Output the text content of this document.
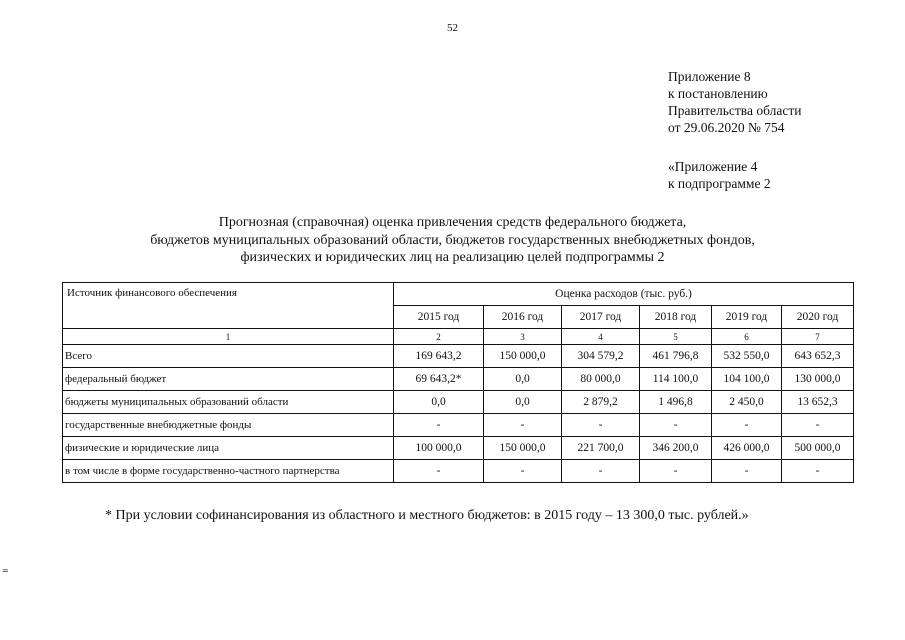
52
Приложение 8
к постановлению
Правительства области
от 29.06.2020 № 754
«Приложение 4
к подпрограмме 2
Прогнозная (справочная) оценка привлечения средств федерального бюджета,
бюджетов муниципальных образований области, бюджетов государственных внебюджетных фондов,
физических и юридических лиц на реализацию целей подпрограммы 2
Источник финансового обеспечения	Оценка расходов (тыс. руб.)					
	2015 год	2016 год	2017 год	2018 год	2019 год	2020 год
1	2	3	4	5	6	7
Всего	169 643,2	150 000,0	304 579,2	461 796,8	532 550,0	643 652,3
федеральный бюджет	69 643,2*	0,0	80 000,0	114 100,0	104 100,0	130 000,0
бюджеты муниципальных образований области	0,0	0,0	2 879,2	1 496,8	2 450,0	13 652,3
государственные внебюджетные фонды	-	-	-	-	-	-
физические и юридические лица	100 000,0	150 000,0	221 700,0	346 200,0	426 000,0	500 000,0
в том числе в форме государственно-частного партнерства	-	-	-	-	-	-
* При условии софинансирования из областного и местного бюджетов: в 2015 году – 13 300,0 тыс. рублей.»
=
